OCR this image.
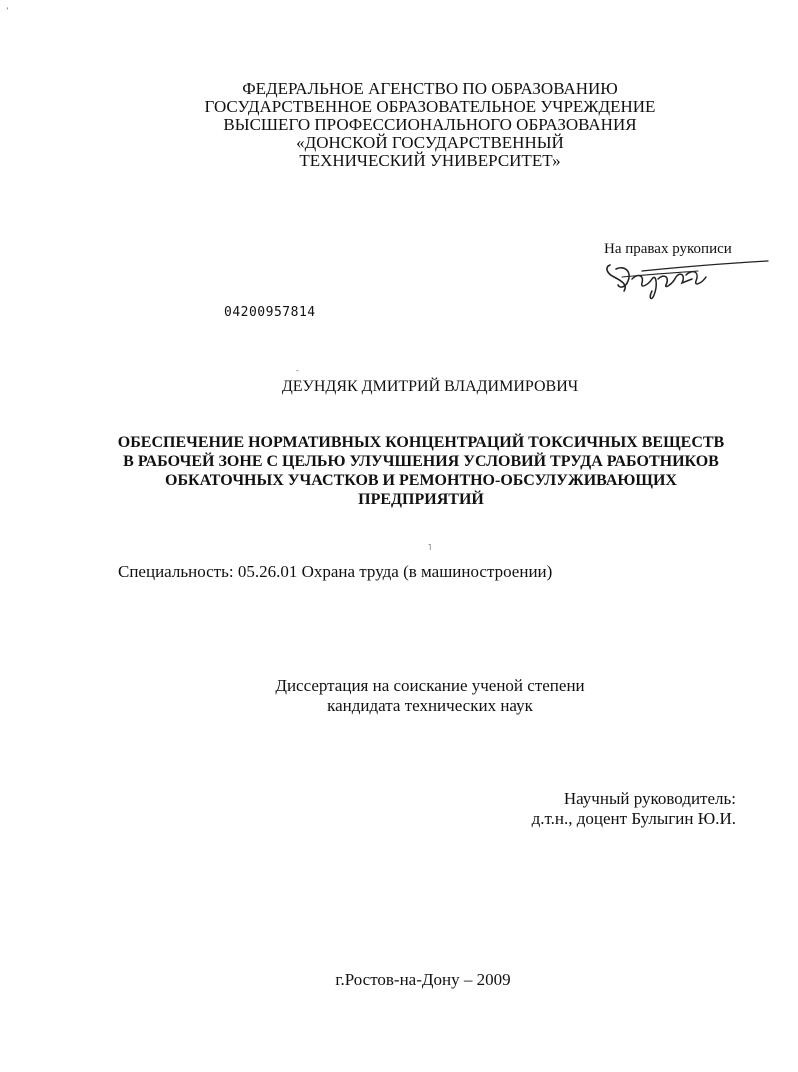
ФЕДЕРАЛЬНОЕ АГЕНСТВО ПО ОБРАЗОВАНИЮ
ГОСУДАРСТВЕННОЕ ОБРАЗОВАТЕЛЬНОЕ УЧРЕЖДЕНИЕ
ВЫСШЕГО ПРОФЕССИОНАЛЬНОГО ОБРАЗОВАНИЯ
«ДОНСКОЙ ГОСУДАРСТВЕННЫЙ
ТЕХНИЧЕСКИЙ УНИВЕРСИТЕТ»
На правах рукописи
04200957814
ʼ
-
˥
ДЕУНДЯК ДМИТРИЙ ВЛАДИМИРОВИЧ
ОБЕСПЕЧЕНИЕ НОРМАТИВНЫХ КОНЦЕНТРАЦИЙ ТОКСИЧНЫХ ВЕЩЕСТВ
В РАБОЧЕЙ ЗОНЕ С ЦЕЛЬЮ УЛУЧШЕНИЯ УСЛОВИЙ ТРУДА РАБОТНИКОВ
ОБКАТОЧНЫХ УЧАСТКОВ И РЕМОНТНО-ОБСУЛУЖИВАЮЩИХ
ПРЕДПРИЯТИЙ
Специальность: 05.26.01 Охрана труда (в машиностроении)
Диссертация на соискание ученой степени
кандидата технических наук
Научный руководитель:
д.т.н., доцент Булыгин Ю.И.
г.Ростов-на-Дону – 2009
